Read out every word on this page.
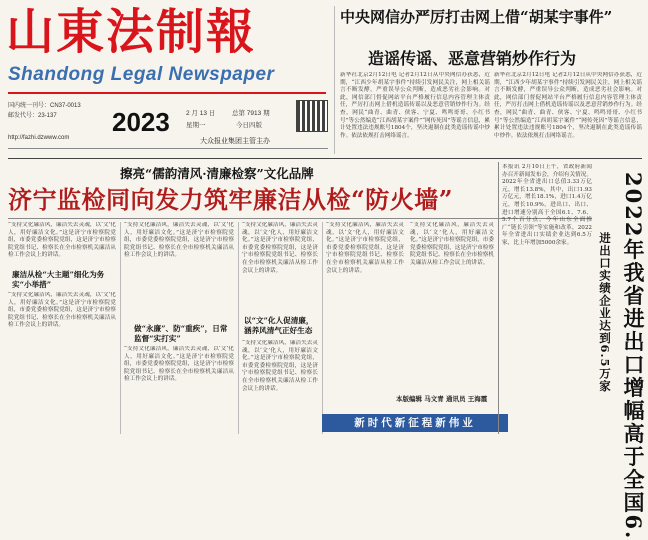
山東法制報
Shandong Legal Newspaper
国内统一刊号：CN37-0013
邮发代号：23-137
http://fazhi.dzwww.com
2023 2 月 13 日
星期一
总第 7913 期
今日四版
大众报业集团主管主办
中央网信办严厉打击网上借“胡某宇事件”
造谣传谣、恶意营销炒作行为
新华社北京2月12日电 记者2月12日从中央网信办获悉，近期，“江西少年胡某宇事件”持续引发网民关注，网上相关谣言不断发酵，严重误导公众判断，造成恶劣社会影响。对此，网信部门督促网站平台严格履行信息内容管理主体责任，严厉打击网上借机造谣传谣以及恶意营销炒作行为。经查，网民“曲青、曲青、侠客、宁夏、鸣鸣哥哥、小红书号”等公然编造“江西胡某宇案件”“网传死因”等谣言信息，累计处置违法违规账号1804个，坚决遏制在此类造谣传谣中炒作。依法依规打击网络谣言。
新华社北京2月12日电 记者2月12日从中央网信办获悉，近期，“江西少年胡某宇事件”持续引发网民关注，网上相关谣言不断发酵，严重误导公众判断，造成恶劣社会影响。对此，网信部门督促网站平台严格履行信息内容管理主体责任，严厉打击网上借机造谣传谣以及恶意营销炒作行为。经查，网民“曲青、曲青、侠客、宁夏、鸣鸣哥哥、小红书号”等公然编造“江西胡某宇案件”“网传死因”等谣言信息，累计处置违法违规账号1804个，坚决遏制在此类造谣传谣中炒作。依法依规打击网络谣言。
擦亮“儒韵清风·清廉检察”文化品牌
济宁监检同向发力筑牢廉洁从检“防火墙”
“支持文化廉洁风，廉洁失去灵魂，以‘文’化人，用好廉洁文化。”这是济宁市检察院党组，市委党委检察院党组，这是济宁市检察院党组书记、检察长在全市检察机关廉洁从检工作会议上的讲话。
廉洁从检“大主题”细化为务实“小举措”
“支持文化廉洁风，廉洁失去灵魂，以‘文’化人，用好廉洁文化。”这是济宁市检察院党组，市委党委检察院党组，这是济宁市检察院党组书记、检察长在全市检察机关廉洁从检工作会议上的讲话。
“支持文化廉洁风，廉洁失去灵魂，以‘文’化人，用好廉洁文化。”这是济宁市检察院党组，市委党委检察院党组，这是济宁市检察院党组书记、检察长在全市检察机关廉洁从检工作会议上的讲话。
做“永廉”、防“重疾”，日常监督“实打实”
“支持文化廉洁风，廉洁失去灵魂，以‘文’化人，用好廉洁文化。”这是济宁市检察院党组，市委党委检察院党组，这是济宁市检察院党组书记、检察长在全市检察机关廉洁从检工作会议上的讲话。
“支持文化廉洁风，廉洁失去灵魂，以‘文’化人，用好廉洁文化。”这是济宁市检察院党组，市委党委检察院党组，这是济宁市检察院党组书记、检察长在全市检察机关廉洁从检工作会议上的讲话。
以“文”化人促清廉，涵养风清气正好生态
“支持文化廉洁风，廉洁失去灵魂，以‘文’化人，用好廉洁文化。”这是济宁市检察院党组，市委党委检察院党组，这是济宁市检察院党组书记、检察长在全市检察机关廉洁从检工作会议上的讲话。
“支持文化廉洁风，廉洁失去灵魂，以‘文’化人，用好廉洁文化。”这是济宁市检察院党组，市委党委检察院党组，这是济宁市检察院党组书记、检察长在全市检察机关廉洁从检工作会议上的讲话。
“支持文化廉洁风，廉洁失去灵魂，以‘文’化人，用好廉洁文化。”这是济宁市检察院党组，市委党委检察院党组，这是济宁市检察院党组书记、检察长在全市检察机关廉洁从检工作会议上的讲话。
本版编辑 马文青 通讯员 王海霞
新时代新征程新伟业
本报讯 2月10日上午，省政府新闻办召开新闻发布会，介绍有关情况。2022年全省进出口总值3.33万亿元，增长13.8%，其中，出口1.93万亿元，增长18.1%，进口1.4万亿元，增长10.9%。进出口、出口、进口增速分别高于全国6.1、7.6、5.7个百分点，今年山东全面推广“链长引领”等实施和改革，2022年全省进出口实绩企业达到6.5万家，比上年增加5000余家。	2022年我省进出口增幅高于全国6.
进出口实绩企业达到6.5万家
